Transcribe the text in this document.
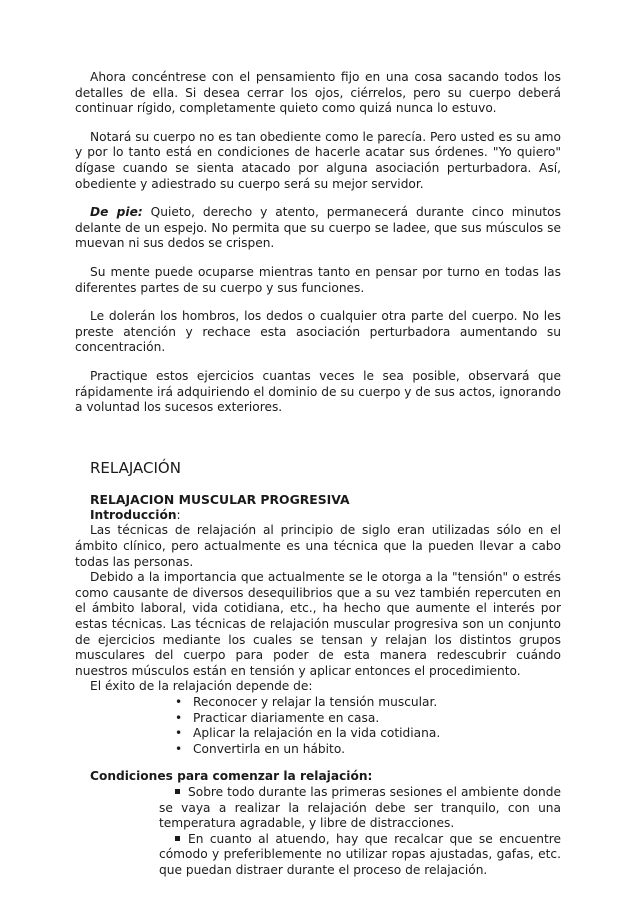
Ahora concéntrese con el pensamiento fijo en una cosa sacando todos los detalles de ella. Si desea cerrar los ojos, ciérrelos, pero su cuerpo deberá continuar rígido, completamente quieto como quizá nunca lo estuvo.

Notará su cuerpo no es tan obediente como le parecía. Pero usted es su amo y por lo tanto está en condiciones de hacerle acatar sus órdenes. "Yo quiero" dígase cuando se sienta atacado por alguna asociación perturbadora. Así, obediente y adiestrado su cuerpo será su mejor servidor.

De pie: Quieto, derecho y atento, permanecerá durante cinco minutos delante de un espejo. No permita que su cuerpo se ladee, que sus músculos se muevan ni sus dedos se crispen.

Su mente puede ocuparse mientras tanto en pensar por turno en todas las diferentes partes de su cuerpo y sus funciones.

Le dolerán los hombros, los dedos o cualquier otra parte del cuerpo. No les preste atención y rechace esta asociación perturbadora aumentando su concentración.

Practique estos ejercicios cuantas veces le sea posible, observará que rápidamente irá adquiriendo el dominio de su cuerpo y de sus actos, ignorando a voluntad los sucesos exteriores.

RELAJACIÓN
RELAJACION MUSCULAR PROGRESIVA
Introducción:

Las técnicas de relajación al principio de siglo eran utilizadas sólo en el ámbito clínico, pero actualmente es una técnica que la pueden llevar a cabo todas las personas.

Debido a la importancia que actualmente se le otorga a la "tensión" o estrés como causante de diversos desequilibrios que a su vez también repercuten en el ámbito laboral, vida cotidiana, etc., ha hecho que aumente el interés por estas técnicas. Las técnicas de relajación muscular progresiva son un conjunto de ejercicios mediante los cuales se tensan y relajan los distintos grupos musculares del cuerpo para poder de esta manera redescubrir cuándo nuestros músculos están en tensión y aplicar entonces el procedimiento.

El éxito de la relajación depende de:
• Reconocer y relajar la tensión muscular.
• Practicar diariamente en casa.
• Aplicar la relajación en la vida cotidiana.
• Convertirla en un hábito.
Condiciones para comenzar la relajación:
Sobre todo durante las primeras sesiones el ambiente donde se vaya a realizar la relajación debe ser tranquilo, con una temperatura agradable, y libre de distracciones.
En cuanto al atuendo, hay que recalcar que se encuentre cómodo y preferiblemente no utilizar ropas ajustadas, gafas, etc. que puedan distraer durante el proceso de relajación.
